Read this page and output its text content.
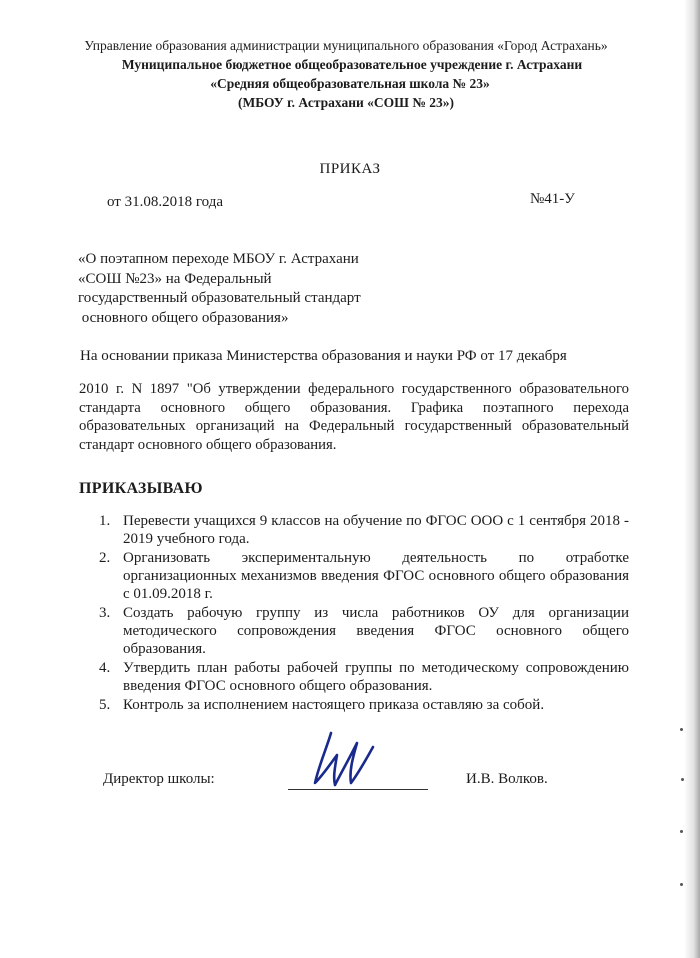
Управление образования администрации муниципального образования «Город Астрахань»
Муниципальное бюджетное общеобразовательное учреждение г. Астрахани
«Средняя общеобразовательная школа № 23»
(МБОУ г. Астрахани «СОШ № 23»)
ПРИКАЗ
от 31.08.2018 года	№41-У
«О поэтапном переходе МБОУ г. Астрахани
«СОШ №23» на Федеральный
государственный образовательный стандарт
основного общего образования»
На основании приказа Министерства образования и науки РФ от 17 декабря
2010 г. N 1897 "Об утверждении федерального государственного образовательного стандарта основного общего образования. Графика поэтапного перехода образовательных организаций на Федеральный государственный образовательный стандарт основного общего образования.
ПРИКАЗЫВАЮ
1. Перевести учащихся 9 классов на обучение по ФГОС ООО с 1 сентября 2018 - 2019 учебного года.
2. Организовать экспериментальную деятельность по отработке организационных механизмов введения ФГОС основного общего образования с 01.09.2018 г.
3. Создать рабочую группу из числа работников ОУ для организации методического сопровождения введения ФГОС основного общего образования.
4. Утвердить план работы рабочей группы по методическому сопровождению введения ФГОС основного общего образования.
5. Контроль за исполнением настоящего приказа оставляю за собой.
Директор школы:	И.В. Волков.
